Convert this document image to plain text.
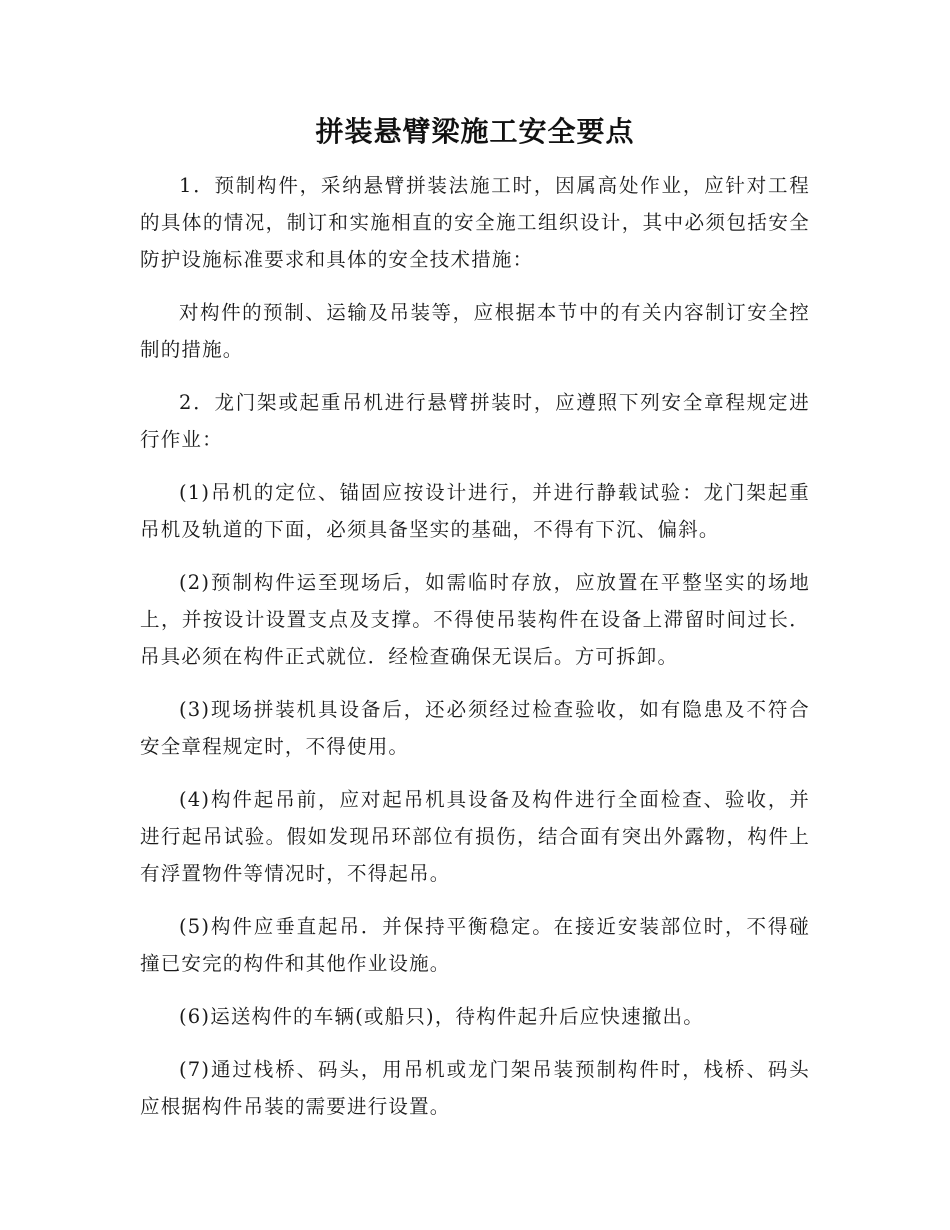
拼装悬臂梁施工安全要点

1．预制构件，采纳悬臂拼装法施工时，因属高处作业，应针对工程的具体的情况，制订和实施相直的安全施工组织设计，其中必须包括安全防护设施标准要求和具体的安全技术措施：

对构件的预制、运输及吊装等，应根据本节中的有关内容制订安全控制的措施。

2．龙门架或起重吊机进行悬臂拼装时，应遵照下列安全章程规定进行作业：

(1)吊机的定位、锚固应按设计进行，并进行静载试验：龙门架起重吊机及轨道的下面，必须具备坚实的基础，不得有下沉、偏斜。

(2)预制构件运至现场后，如需临时存放，应放置在平整坚实的场地上，并按设计设置支点及支撑。不得使吊装构件在设备上滞留时间过长．吊具必须在构件正式就位．经检查确保无误后。方可拆卸。

(3)现场拼装机具设备后，还必须经过检查验收，如有隐患及不符合安全章程规定时，不得使用。

(4)构件起吊前，应对起吊机具设备及构件进行全面检查、验收，并进行起吊试验。假如发现吊环部位有损伤，结合面有突出外露物，构件上有浮置物件等情况时，不得起吊。

(5)构件应垂直起吊．并保持平衡稳定。在接近安装部位时，不得碰撞已安完的构件和其他作业设施。

(6)运送构件的车辆(或船只)，待构件起升后应快速撤出。

(7)通过栈桥、码头，用吊机或龙门架吊装预制构件时，栈桥、码头应根据构件吊装的需要进行设置。
